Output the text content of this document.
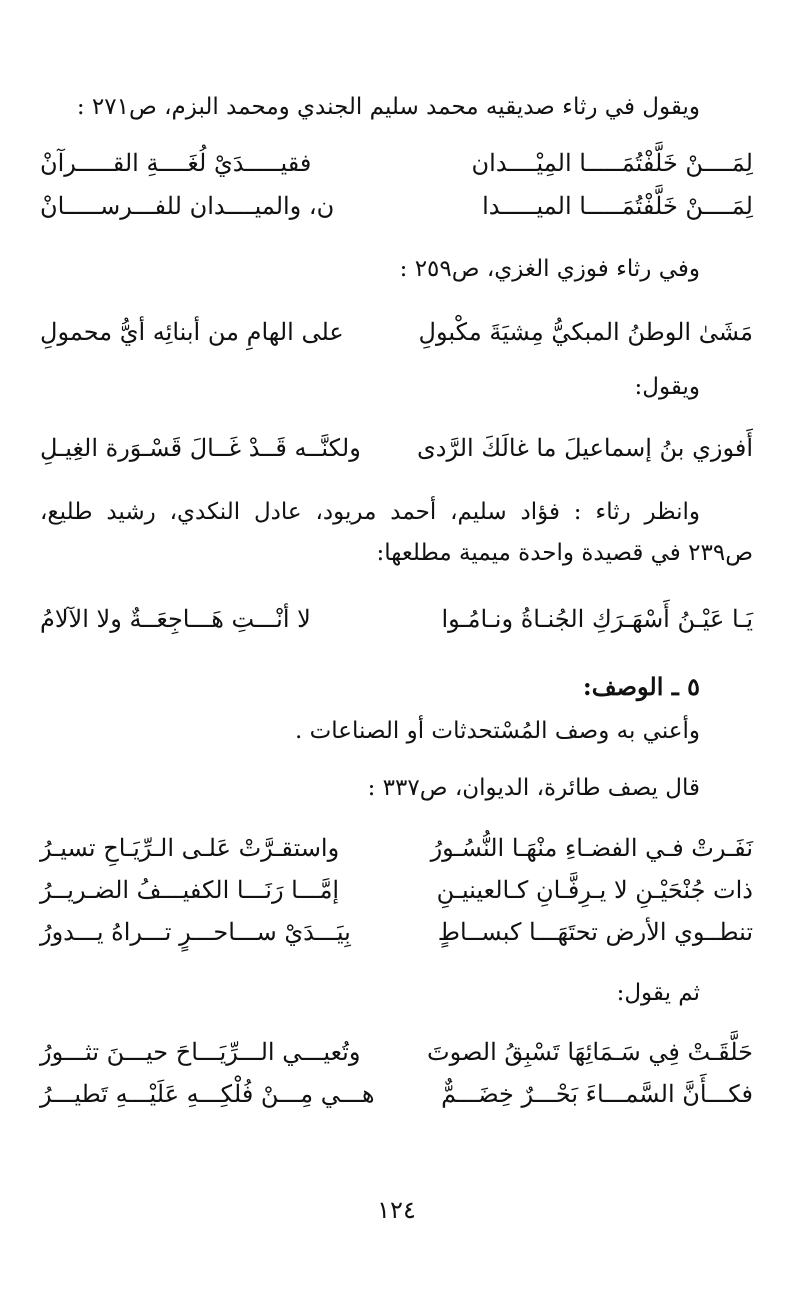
ويقول في رثاء صديقيه محمد سليم الجندي ومحمد البزم، ص٢٧١ :
لِمَــــنْ خَلَّفْتُمَـــــا المِيْــــدان
فقيـــــدَيْ لُغَــــةِ القـــــرآنْ
لِمَــــنْ خَلَّفْتُمَـــــا الميـــــدا
ن، والميــــدان للفـــرســـــانْ
وفي رثاء فوزي الغزي، ص٢٥٩ :
مَشَىٰ الوطنُ المبكيُّ مِشيَةَ مكْبولِ
على الهامِ من أبنائِه أيُّ محمولِ
ويقول:
أَفوزي بنُ إسماعيلَ ما غالَكَ الرَّدى
ولكنَّــه قَــدْ غَــالَ قَسْـوَرة الغِيـلِ
وانظر رثاء : فؤاد سليم، أحمد مريود، عادل النكدي، رشيد طليع،
ص٢٣٩ في قصيدة واحدة ميمية مطلعها:
يَـا عَيْـنُ أَسْهَـرَكِ الجُنـاةُ ونـامُـوا
لا أنْـــتِ هَـــاجِعَــةٌ ولا الآلامُ
٥ ـ الوصف:
وأعني به وصف المُسْتحدثات أو الصناعات .
قال يصف طائرة، الديوان، ص٣٣٧ :
نَفَـرتْ فـي الفضـاءِ منْهَـا النُّسُـورُ
واستقـرَّتْ عَلـى الـرِّيَـاحِ تسيـرُ
ذات جُنْحَيْـنِ لا يـرِفَّـانِ كـالعينيـنِ
إمَّـــا رَنَـــا الكفيـــفُ الضـريــرُ
تنطــوي الأرض تحتَهَـــا كبســاطٍ
بِيَـــدَيْ ســـاحـــرٍ تـــراهُ يـــدورُ
ثم يقول:
حَلَّقَـتْ فِي سَـمَائِهَا تَسْبِقُ الصوتَ
وتُعيـــي الـــرِّيَـــاحَ حيـــنَ تثـــورُ
فكـــأَنَّ السَّمـــاءَ بَحْـــرٌ خِضَـــمٌّ
هـــي مِـــنْ فُلْكِـــهِ عَلَيْـــهِ تَطيـــرُ
١٢٤
